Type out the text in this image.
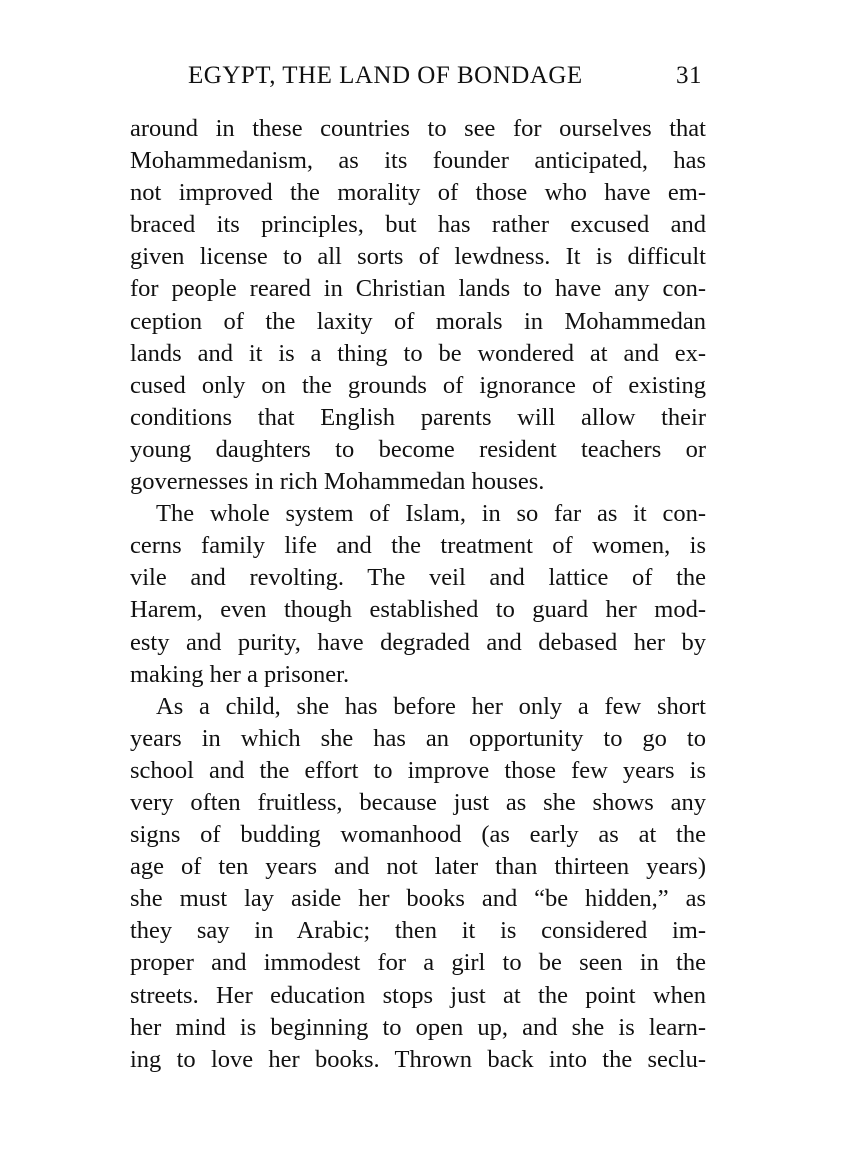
EGYPT, THE LAND OF BONDAGE	31
around in these countries to see for ourselves that
Mohammedanism, as its founder anticipated, has
not improved the morality of those who have em-
braced its principles, but has rather excused and
given license to all sorts of lewdness. It is difficult
for people reared in Christian lands to have any con-
ception of the laxity of morals in Mohammedan
lands and it is a thing to be wondered at and ex-
cused only on the grounds of ignorance of existing
conditions that English parents will allow their
young daughters to become resident teachers or
governesses in rich Mohammedan houses.
The whole system of Islam, in so far as it con-
cerns family life and the treatment of women, is
vile and revolting. The veil and lattice of the
Harem, even though established to guard her mod-
esty and purity, have degraded and debased her by
making her a prisoner.
As a child, she has before her only a few short
years in which she has an opportunity to go to
school and the effort to improve those few years is
very often fruitless, because just as she shows any
signs of budding womanhood (as early as at the
age of ten years and not later than thirteen years)
she must lay aside her books and “be hidden,” as
they say in Arabic; then it is considered im-
proper and immodest for a girl to be seen in the
streets. Her education stops just at the point when
her mind is beginning to open up, and she is learn-
ing to love her books. Thrown back into the seclu-
